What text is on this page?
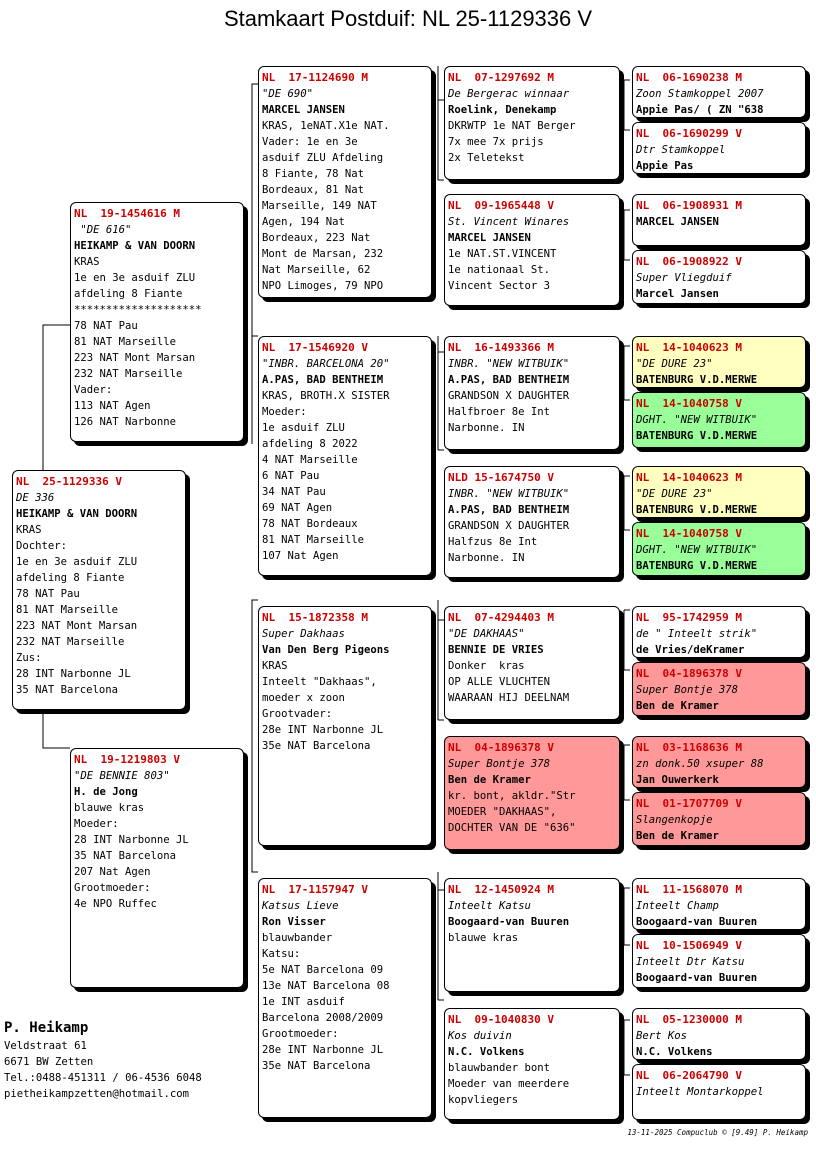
Stamkaart Postduif: NL 25-1129336 V
NL  25-1129336 V
DE 336
HEIKAMP & VAN DOORN
KRAS
Dochter:
1e en 3e asduif ZLU
afdeling 8 Fiante
78 NAT Pau
81 NAT Marseille
223 NAT Mont Marsan
232 NAT Marseille
Zus:
28 INT Narbonne JL
35 NAT Barcelona
NL  19-1454616 M
"DE 616"
HEIKAMP & VAN DOORN
KRAS
1e en 3e asduif ZLU
afdeling 8 Fiante
********************
78 NAT Pau
81 NAT Marseille
223 NAT Mont Marsan
232 NAT Marseille
Vader:
113 NAT Agen
126 NAT Narbonne
NL  19-1219803 V
"DE BENNIE 803"
H. de Jong
blauwe kras
Moeder:
28 INT Narbonne JL
35 NAT Barcelona
207 Nat Agen
Grootmoeder:
4e NPO Ruffec
NL  17-1124690 M
"DE 690"
MARCEL JANSEN
KRAS, 1eNAT.X1e NAT.
Vader: 1e en 3e
asduif ZLU Afdeling
8 Fiante, 78 Nat
Bordeaux, 81 Nat
Marseille, 149 NAT
Agen, 194 Nat
Bordeaux, 223 Nat
Mont de Marsan, 232
Nat Marseille, 62
NPO Limoges, 79 NPO
NL  17-1546920 V
"INBR. BARCELONA 20"
A.PAS, BAD BENTHEIM
KRAS, BROTH.X SISTER
Moeder:
1e asduif ZLU
afdeling 8 2022
4 NAT Marseille
6 NAT Pau
34 NAT Pau
69 NAT Agen
78 NAT Bordeaux
81 NAT Marseille
107 Nat Agen
NL  15-1872358 M
Super Dakhaas
Van Den Berg Pigeons
KRAS
Inteelt "Dakhaas",
moeder x zoon
Grootvader:
28e INT Narbonne JL
35e NAT Barcelona
NL  17-1157947 V
Katsus Lieve
Ron Visser
blauwbander
Katsu:
5e NAT Barcelona 09
13e NAT Barcelona 08
1e INT asduif
Barcelona 2008/2009
Grootmoeder:
28e INT Narbonne JL
35e NAT Barcelona
NL  07-1297692 M
De Bergerac winnaar
Roelink, Denekamp
DKRWTP 1e NAT Berger
7x mee 7x prijs
2x Teletekst
NL  09-1965448 V
St. Vincent Winares
MARCEL JANSEN
1e NAT.ST.VINCENT
1e nationaal St.
Vincent Sector 3
NL  16-1493366 M
INBR. "NEW WITBUIK"
A.PAS, BAD BENTHEIM
GRANDSON X DAUGHTER
Halfbroer 8e Int
Narbonne. IN
NLD 15-1674750 V
INBR. "NEW WITBUIK"
A.PAS, BAD BENTHEIM
GRANDSON X DAUGHTER
Halfzus 8e Int
Narbonne. IN
NL  07-4294403 M
"DE DAKHAAS"
BENNIE DE VRIES
Donker  kras
OP ALLE VLUCHTEN
WAARAAN HIJ DEELNAM
NL  04-1896378 V
Super Bontje 378
Ben de Kramer
kr. bont, akldr."Str
MOEDER "DAKHAAS",
DOCHTER VAN DE "636"
NL  12-1450924 M
Inteelt Katsu
Boogaard-van Buuren
blauwe kras
NL  09-1040830 V
Kos duivin
N.C. Volkens
blauwbander bont
Moeder van meerdere
kopvliegers
NL  06-1690238 M
Zoon Stamkoppel 2007
Appie Pas/ ( ZN "638
NL  06-1690299 V
Dtr Stamkoppel
Appie Pas
NL  06-1908931 M
MARCEL JANSEN
NL  06-1908922 V
Super Vliegduif
Marcel Jansen
NL  14-1040623 M
"DE DURE 23"
BATENBURG V.D.MERWE
NL  14-1040758 V
DGHT. "NEW WITBUIK"
BATENBURG V.D.MERWE
NL  14-1040623 M
"DE DURE 23"
BATENBURG V.D.MERWE
NL  14-1040758 V
DGHT. "NEW WITBUIK"
BATENBURG V.D.MERWE
NL  95-1742959 M
de " Inteelt strik"
de Vries/deKramer
NL  04-1896378 V
Super Bontje 378
Ben de Kramer
NL  03-1168636 M
zn donk.50 xsuper 88
Jan Ouwerkerk
NL  01-1707709 V
Slangenkopje
Ben de Kramer
NL  11-1568070 M
Inteelt Champ
Boogaard-van Buuren
NL  10-1506949 V
Inteelt Dtr Katsu
Boogaard-van Buuren
NL  05-1230000 M
Bert Kos
N.C. Volkens
NL  06-2064790 V
Inteelt Montarkoppel
P. Heikamp
Veldstraat 61
6671 BW Zetten
Tel.:0488-451311 / 06-4536 6048
pietheikampzetten@hotmail.com
13-11-2025 Compuclub © [9.49] P. Heikamp
